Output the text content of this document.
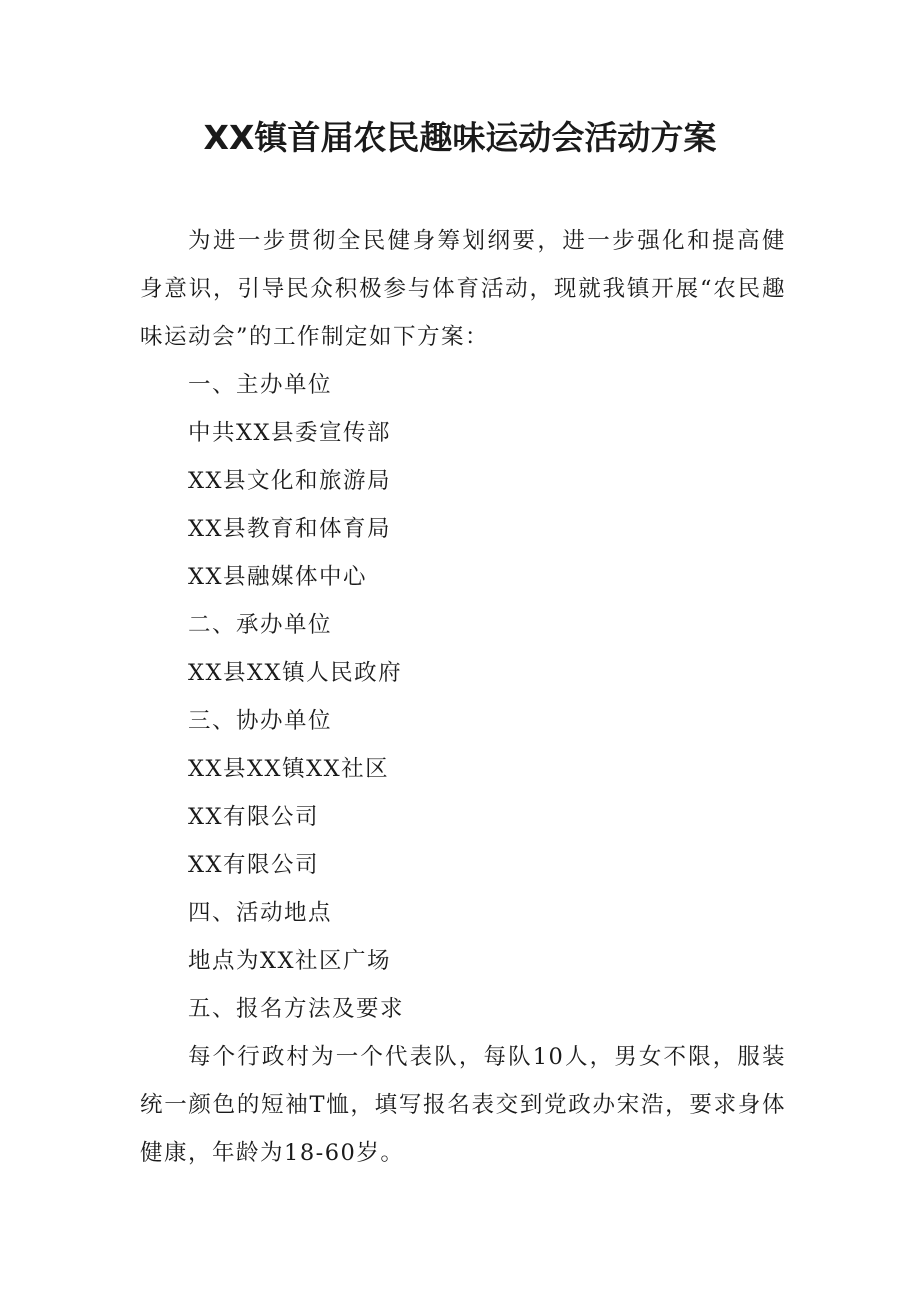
XX镇首届农民趣味运动会活动方案

为进一步贯彻全民健身筹划纲要，进一步强化和提高健身意识，引导民众积极参与体育活动，现就我镇开展“农民趣味运动会”的工作制定如下方案：

一、主办单位

中共XX县委宣传部

XX县文化和旅游局

XX县教育和体育局

XX县融媒体中心

二、承办单位

XX县XX镇人民政府

三、协办单位

XX县XX镇XX社区

XX有限公司

XX有限公司

四、活动地点

地点为XX社区广场

五、报名方法及要求

每个行政村为一个代表队，每队10人，男女不限，服装统一颜色的短袖T恤，填写报名表交到党政办宋浩，要求身体健康，年龄为18-60岁。
